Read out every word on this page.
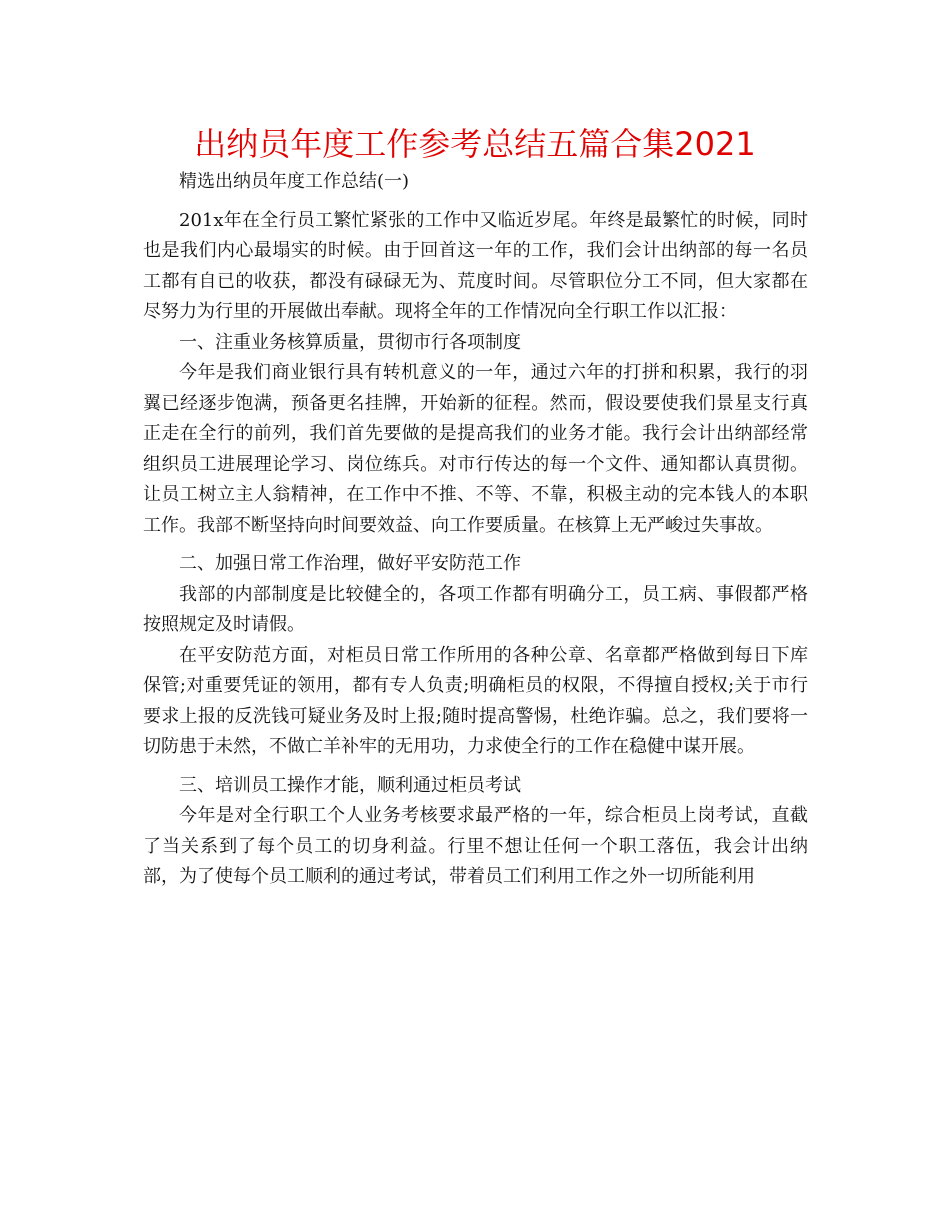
出纳员年度工作参考总结五篇合集2021

精选出纳员年度工作总结(一)

201x年在全行员工繁忙紧张的工作中又临近岁尾。年终是最繁忙的时候，同时也是我们内心最塌实的时候。由于回首这一年的工作，我们会计出纳部的每一名员工都有自已的收获，都没有碌碌无为、荒度时间。尽管职位分工不同，但大家都在尽努力为行里的开展做出奉献。现将全年的工作情况向全行职工作以汇报：

一、注重业务核算质量，贯彻市行各项制度

今年是我们商业银行具有转机意义的一年，通过六年的打拼和积累，我行的羽翼已经逐步饱满，预备更名挂牌，开始新的征程。然而，假设要使我们景星支行真正走在全行的前列，我们首先要做的是提高我们的业务才能。我行会计出纳部经常组织员工进展理论学习、岗位练兵。对市行传达的每一个文件、通知都认真贯彻。让员工树立主人翁精神，在工作中不推、不等、不靠，积极主动的完本钱人的本职工作。我部不断坚持向时间要效益、向工作要质量。在核算上无严峻过失事故。

二、加强日常工作治理，做好平安防范工作

我部的内部制度是比较健全的，各项工作都有明确分工，员工病、事假都严格按照规定及时请假。

在平安防范方面，对柜员日常工作所用的各种公章、名章都严格做到每日下库保管;对重要凭证的领用，都有专人负责;明确柜员的权限，不得擅自授权;关于市行要求上报的反洗钱可疑业务及时上报;随时提高警惕，杜绝诈骗。总之，我们要将一切防患于未然，不做亡羊补牢的无用功，力求使全行的工作在稳健中谋开展。

三、培训员工操作才能，顺利通过柜员考试

今年是对全行职工个人业务考核要求最严格的一年，综合柜员上岗考试，直截了当关系到了每个员工的切身利益。行里不想让任何一个职工落伍，我会计出纳部，为了使每个员工顺利的通过考试，带着员工们利用工作之外一切所能利用
